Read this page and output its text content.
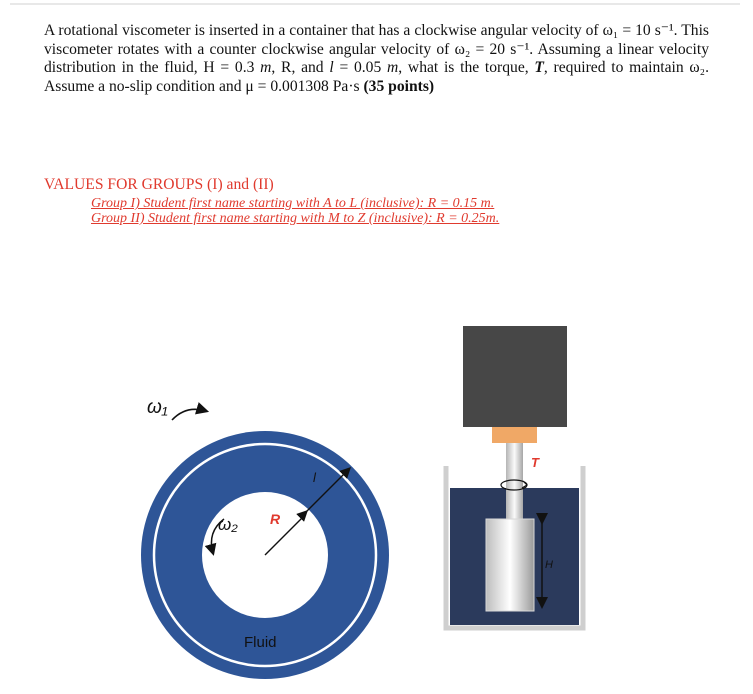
A rotational viscometer is inserted in a container that has a clockwise angular velocity of ω₁ = 10 s⁻¹. This viscometer rotates with a counter clockwise angular velocity of ω₂ = 20 s⁻¹. Assuming a linear velocity distribution in the fluid, H = 0.3 m, R, and l = 0.05 m, what is the torque, T, required to maintain ω₂. Assume a no-slip condition and μ = 0.001308 Pa·s (35 points)
VALUES FOR GROUPS (I) and (II)
Group I) Student first name starting with A to L (inclusive): R = 0.15 m.
Group II) Student first name starting with M to Z (inclusive): R = 0.25m.
ω₁
ω₂ R
l
Fluid
H
T
